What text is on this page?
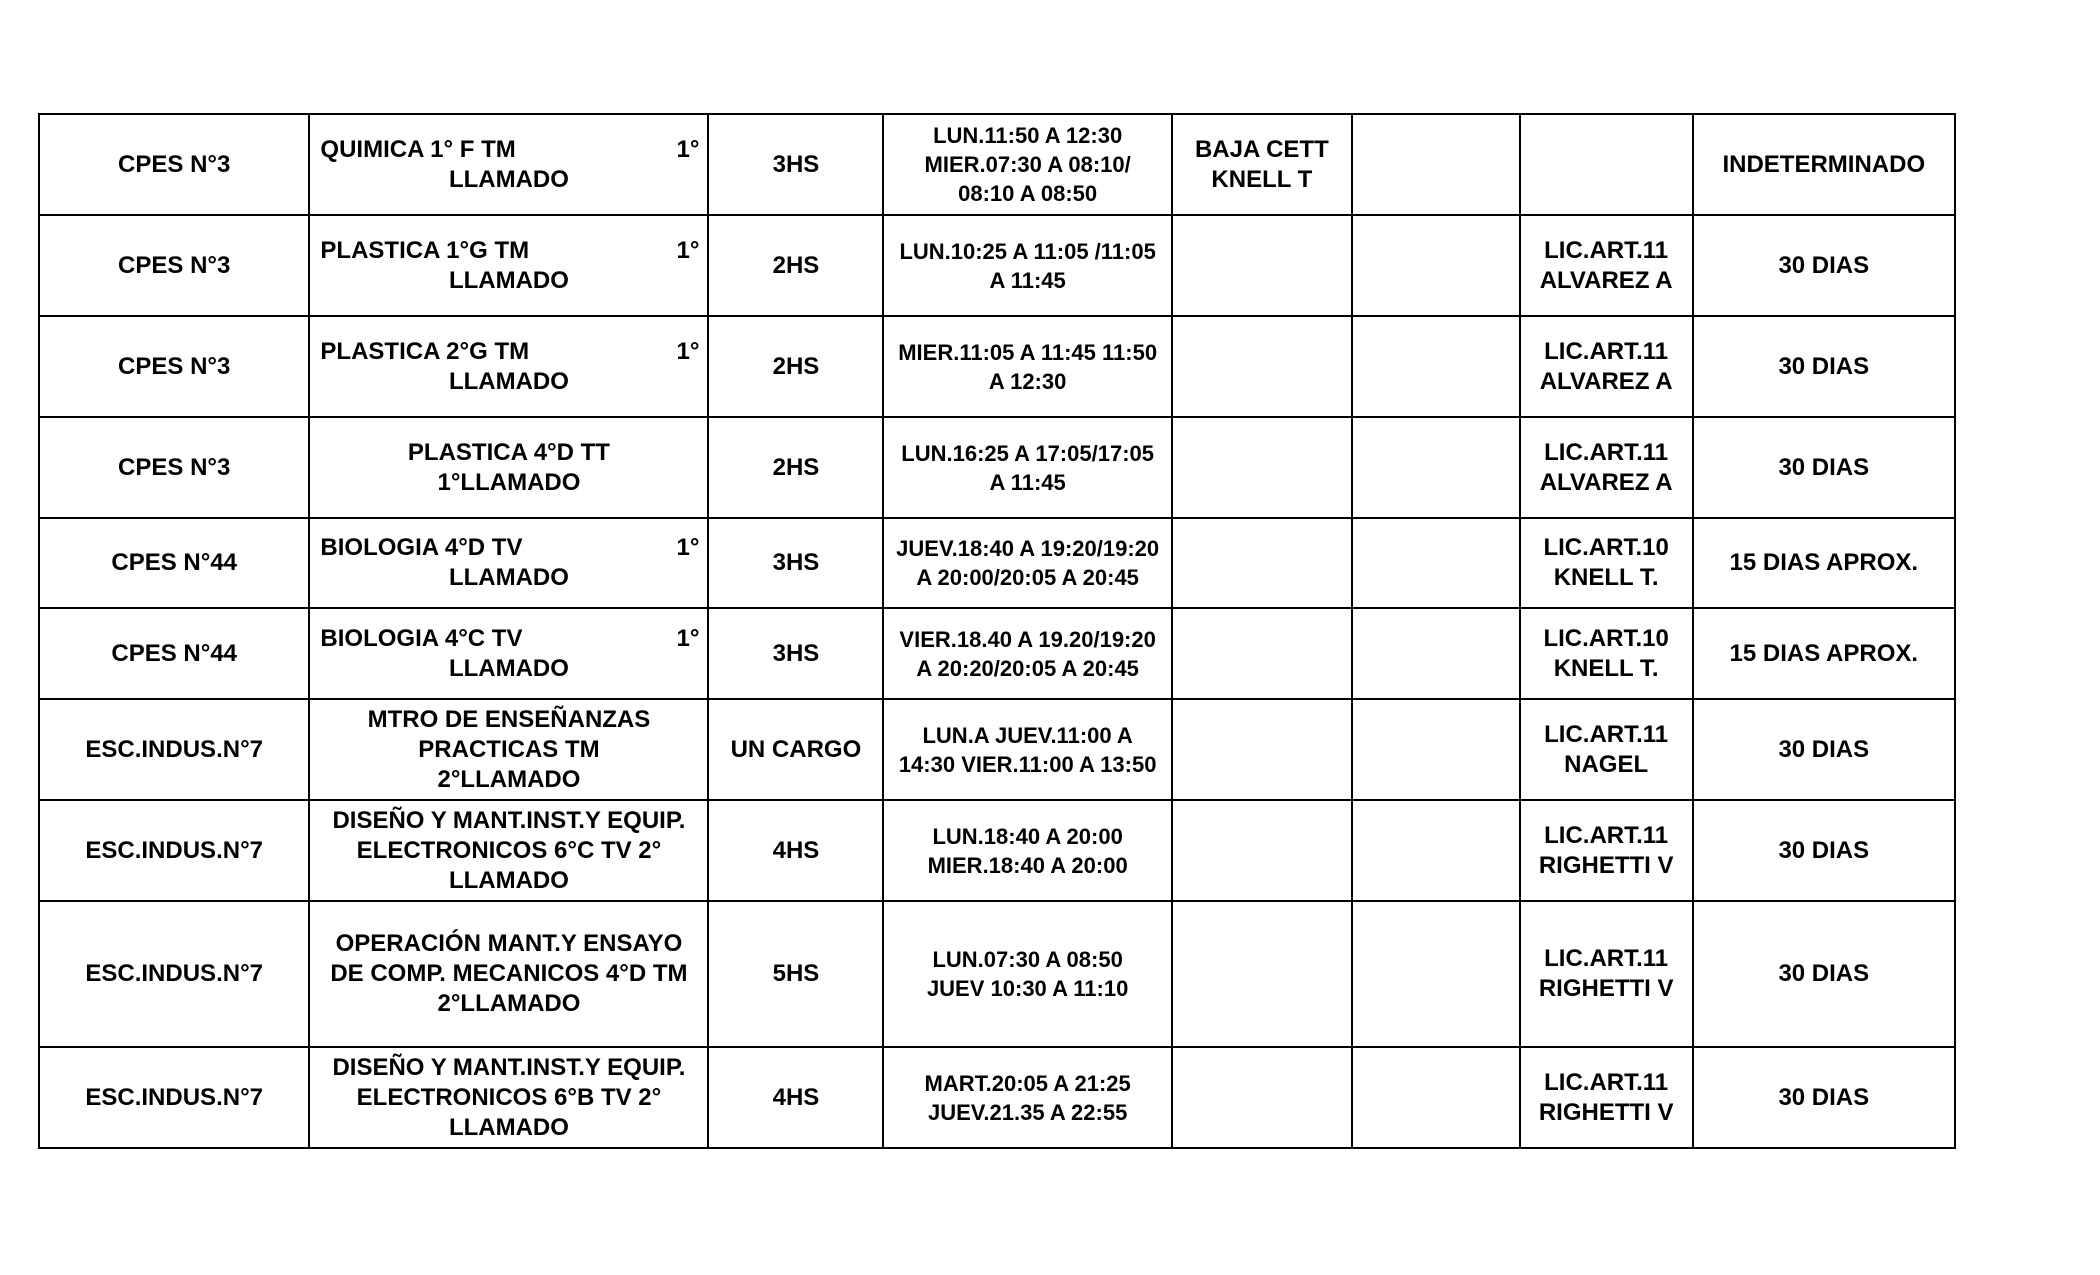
CPES N°3	QUIMICA 1° F TM 1°
LLAMADO	3HS	LUN.11:50 A 12:30
MIER.07:30 A 08:10/
08:10 A 08:50	BAJA CETT
KNELL T			INDETERMINADO
CPES N°3	PLASTICA 1°G TM 1°
LLAMADO	2HS	LUN.10:25 A 11:05 /11:05
A 11:45			LIC.ART.11
ALVAREZ A	30 DIAS
CPES N°3	PLASTICA 2°G TM 1°
LLAMADO	2HS	MIER.11:05 A 11:45 11:50
A 12:30			LIC.ART.11
ALVAREZ A	30 DIAS
CPES N°3	PLASTICA 4°D TT
1°LLAMADO	2HS	LUN.16:25 A 17:05/17:05
A 11:45			LIC.ART.11
ALVAREZ A	30 DIAS
CPES N°44	BIOLOGIA 4°D TV 1°
LLAMADO	3HS	JUEV.18:40 A 19:20/19:20
A 20:00/20:05 A 20:45			LIC.ART.10
KNELL T.	15 DIAS APROX.
CPES N°44	BIOLOGIA 4°C TV 1°
LLAMADO	3HS	VIER.18.40 A 19.20/19:20
A 20:20/20:05 A 20:45			LIC.ART.10
KNELL T.	15 DIAS APROX.
ESC.INDUS.N°7	MTRO DE ENSEÑANZAS
PRACTICAS TM
2°LLAMADO	UN CARGO	LUN.A JUEV.11:00 A
14:30 VIER.11:00 A 13:50			LIC.ART.11
NAGEL	30 DIAS
ESC.INDUS.N°7	DISEÑO Y MANT.INST.Y EQUIP.
ELECTRONICOS 6°C TV 2°
LLAMADO	4HS	LUN.18:40 A 20:00
MIER.18:40 A 20:00			LIC.ART.11
RIGHETTI V	30 DIAS
ESC.INDUS.N°7	OPERACIÓN MANT.Y ENSAYO
DE COMP. MECANICOS 4°D TM
2°LLAMADO	5HS	LUN.07:30 A 08:50
JUEV 10:30 A 11:10			LIC.ART.11
RIGHETTI V	30 DIAS
ESC.INDUS.N°7	DISEÑO Y MANT.INST.Y EQUIP.
ELECTRONICOS 6°B TV 2°
LLAMADO	4HS	MART.20:05 A 21:25
JUEV.21.35 A 22:55			LIC.ART.11
RIGHETTI V	30 DIAS
